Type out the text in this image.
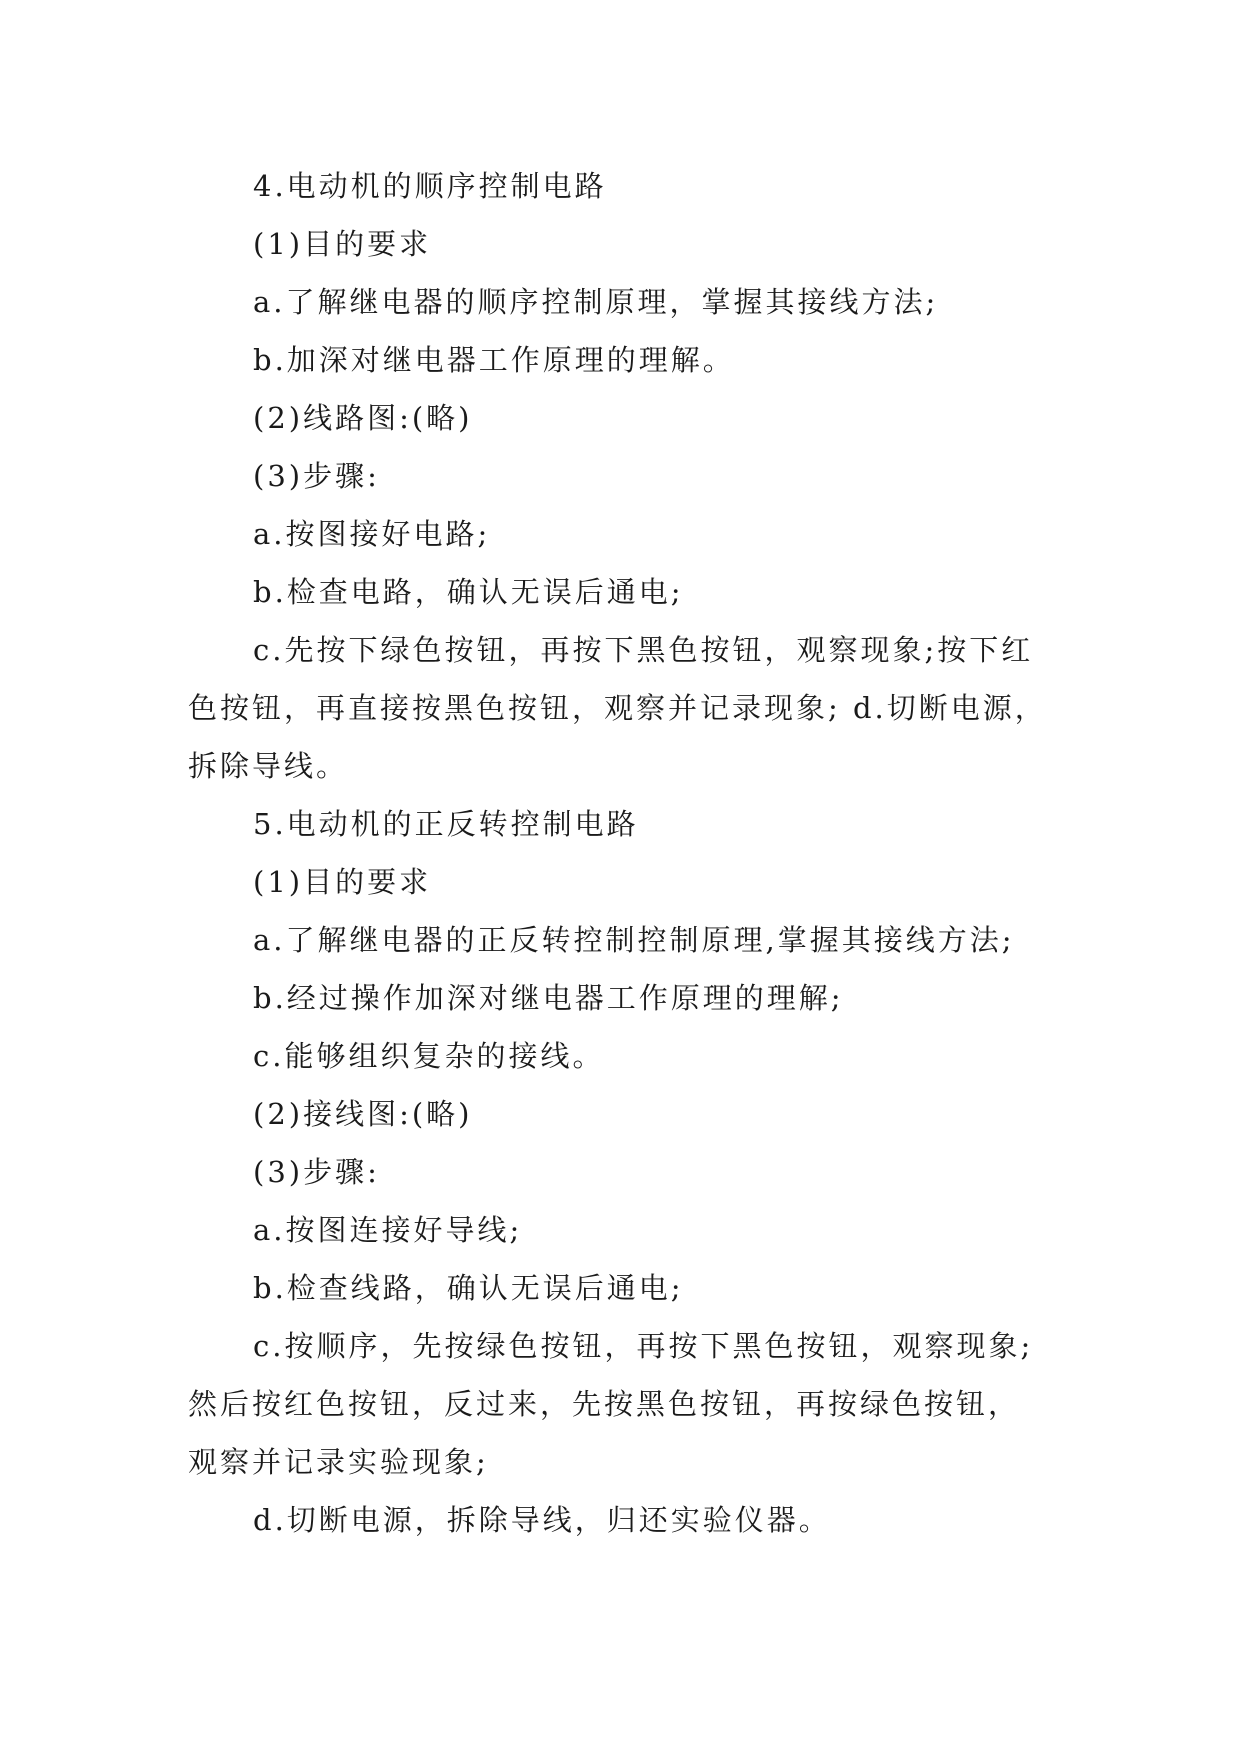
4.电动机的顺序控制电路

(1)目的要求

a.了解继电器的顺序控制原理，掌握其接线方法;

b.加深对继电器工作原理的理解。

(2)线路图:(略)

(3)步骤:

a.按图接好电路;

b.检查电路，确认无误后通电;

c.先按下绿色按钮，再按下黑色按钮，观察现象;按下红色按钮，再直接按黑色按钮，观察并记录现象; d.切断电源，拆除导线。

5.电动机的正反转控制电路

(1)目的要求

a.了解继电器的正反转控制控制原理,掌握其接线方法;

b.经过操作加深对继电器工作原理的理解;

c.能够组织复杂的接线。

(2)接线图:(略)

(3)步骤:

a.按图连接好导线;

b.检查线路，确认无误后通电;

c.按顺序，先按绿色按钮，再按下黑色按钮，观察现象;然后按红色按钮，反过来，先按黑色按钮，再按绿色按钮，观察并记录实验现象;

d.切断电源，拆除导线，归还实验仪器。
